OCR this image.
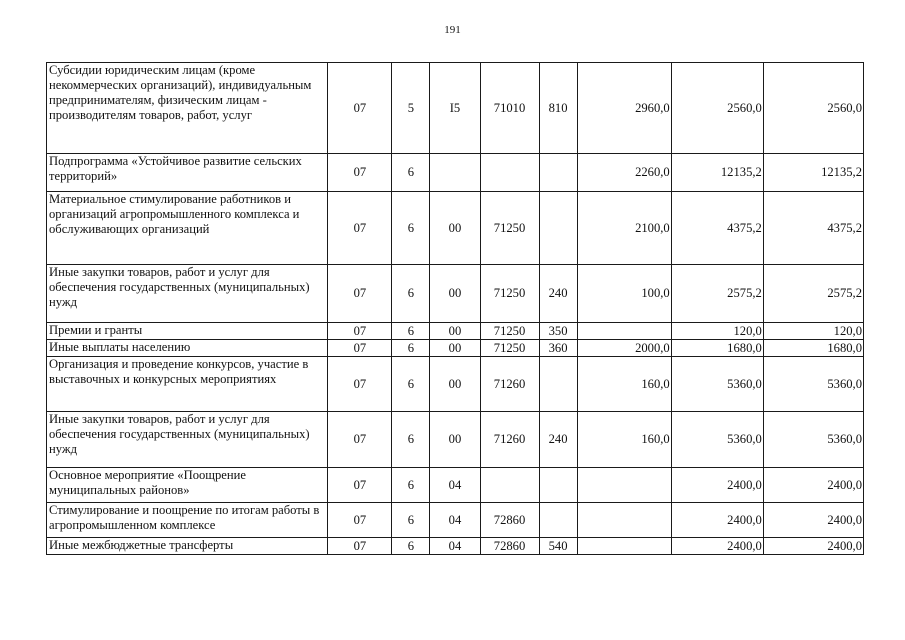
191
Субсидии юридическим лицам (кроме некоммерческих организаций), индивидуальным предпринимателям, физическим лицам - производителям товаров, работ, услуг	07	5	I5	71010	810	2960,0	2560,0	2560,0
Подпрограмма «Устойчивое развитие сельских территорий»	07	6				2260,0	12135,2	12135,2
Материальное стимулирование работников и организаций агропромышленного комплекса и обслуживающих организаций	07	6	00	71250		2100,0	4375,2	4375,2
Иные закупки товаров, работ и услуг для обеспечения государственных (муниципальных) нужд	07	6	00	71250	240	100,0	2575,2	2575,2
Премии и гранты	07	6	00	71250	350		120,0	120,0
Иные выплаты населению	07	6	00	71250	360	2000,0	1680,0	1680,0
Организация и проведение конкурсов, участие в выставочных и конкурсных мероприятиях	07	6	00	71260		160,0	5360,0	5360,0
Иные закупки товаров, работ и услуг для обеспечения государственных (муниципальных) нужд	07	6	00	71260	240	160,0	5360,0	5360,0
Основное мероприятие «Поощрение муниципальных районов»	07	6	04				2400,0	2400,0
Стимулирование и поощрение по итогам работы в агропромышленном комплексе	07	6	04	72860			2400,0	2400,0
Иные межбюджетные трансферты	07	6	04	72860	540		2400,0	2400,0
